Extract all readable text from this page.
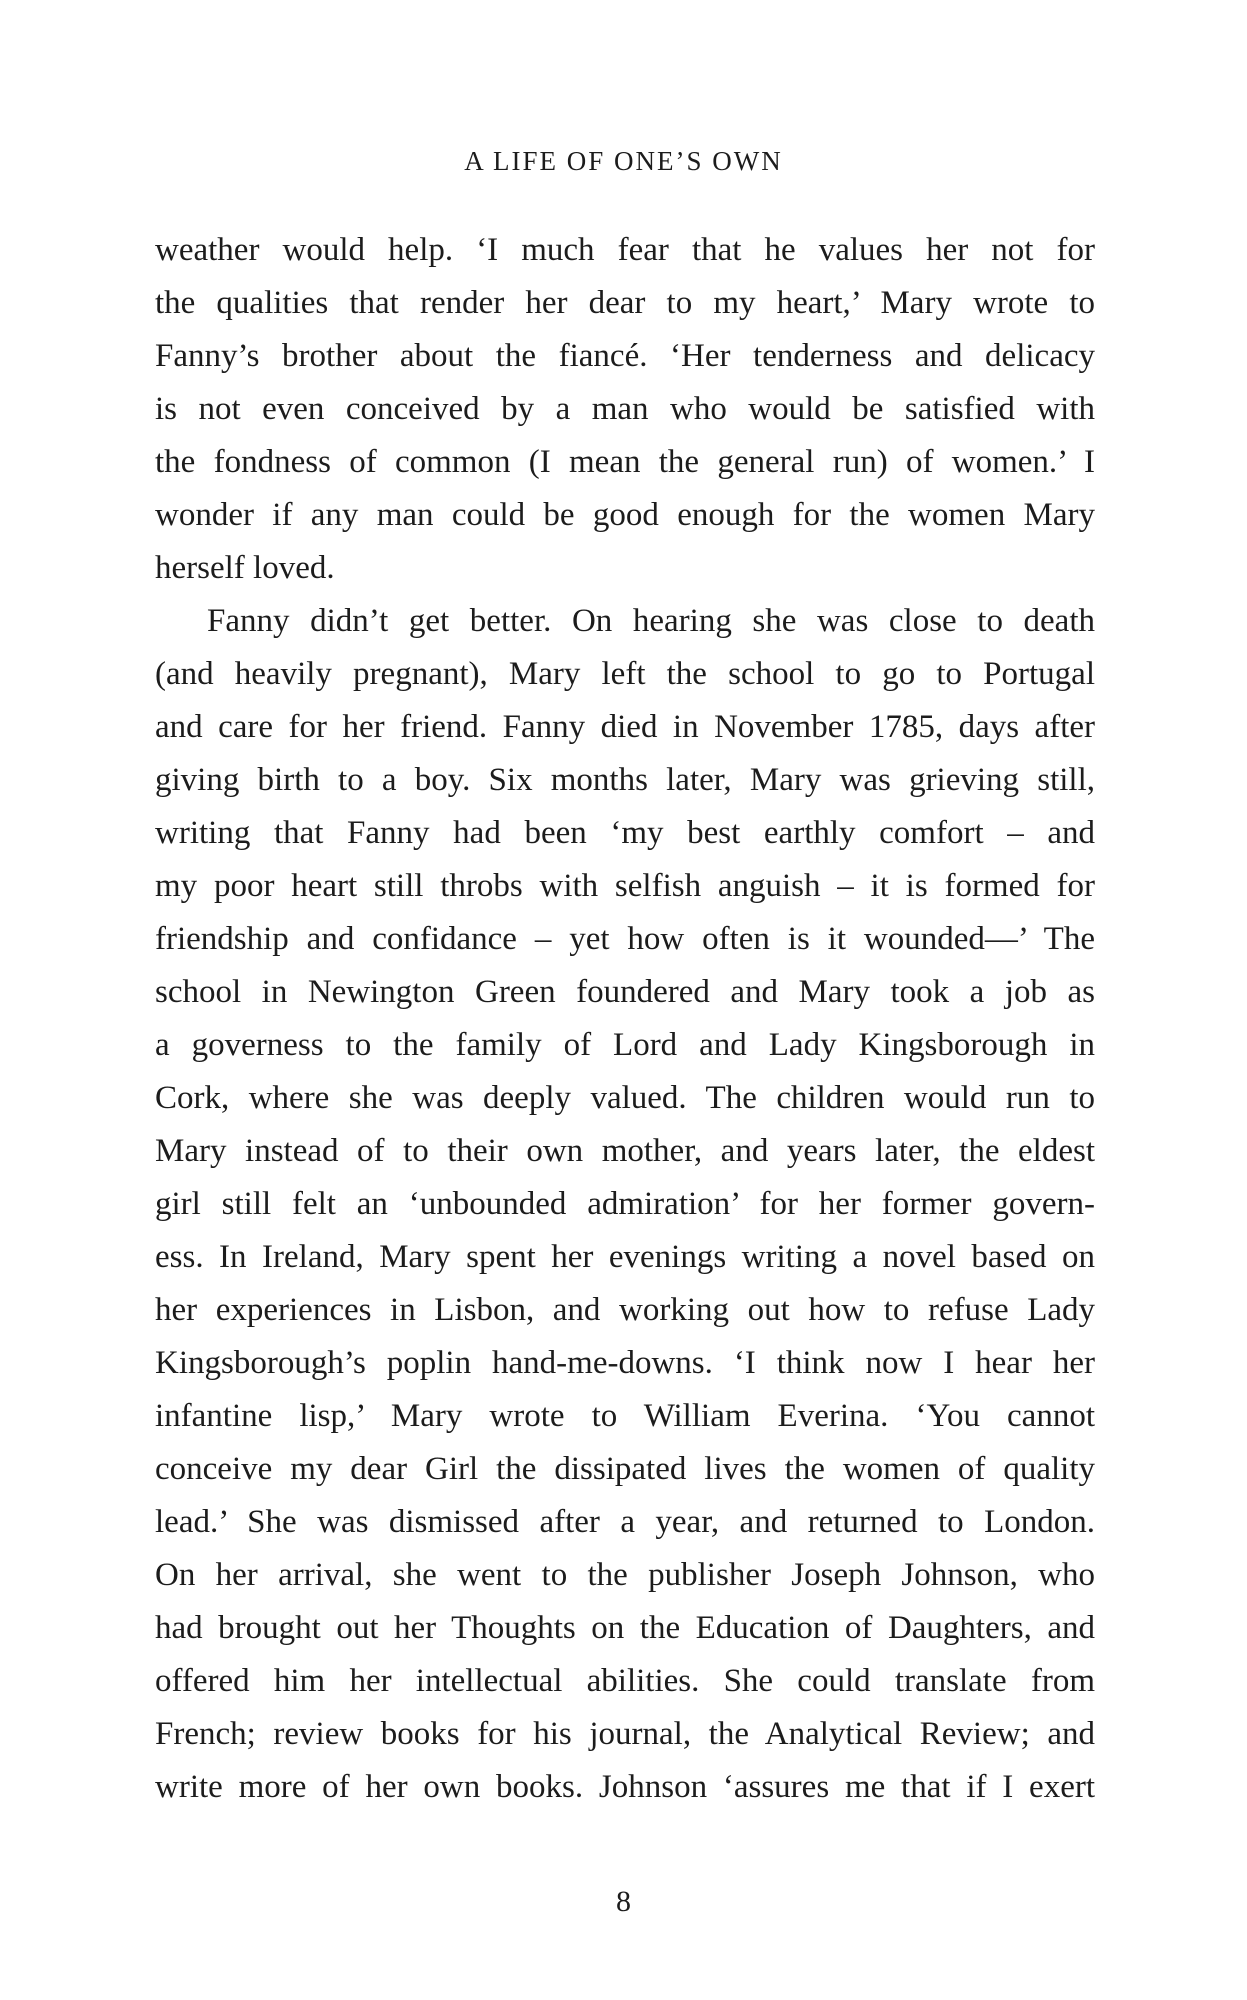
A LIFE OF ONE’S OWN
weather would help. ‘I much fear that he values her not for
the qualities that render her dear to my heart,’ Mary wrote to
Fanny’s brother about the fiancé. ‘Her tenderness and delicacy
is not even conceived by a man who would be satisfied with
the fondness of common (I mean the general run) of women.’ I
wonder if any man could be good enough for the women Mary
herself loved.
Fanny didn’t get better. On hearing she was close to death
(and heavily pregnant), Mary left the school to go to Portugal
and care for her friend. Fanny died in November 1785, days after
giving birth to a boy. Six months later, Mary was grieving still,
writing that Fanny had been ‘my best earthly comfort – and
my poor heart still throbs with selfish anguish – it is formed for
friendship and confidance – yet how often is it wounded—’ The
school in Newington Green foundered and Mary took a job as
a governess to the family of Lord and Lady Kingsborough in
Cork, where she was deeply valued. The children would run to
Mary instead of to their own mother, and years later, the eldest
girl still felt an ‘unbounded admiration’ for her former govern-
ess. In Ireland, Mary spent her evenings writing a novel based on
her experiences in Lisbon, and working out how to refuse Lady
Kingsborough’s poplin hand-me-downs. ‘I think now I hear her
infantine lisp,’ Mary wrote to William Everina. ‘You cannot
conceive my dear Girl the dissipated lives the women of quality
lead.’ She was dismissed after a year, and returned to London.
On her arrival, she went to the publisher Joseph Johnson, who
had brought out her Thoughts on the Education of Daughters, and
offered him her intellectual abilities. She could translate from
French; review books for his journal, the Analytical Review; and
write more of her own books. Johnson ‘assures me that if I exert
8
